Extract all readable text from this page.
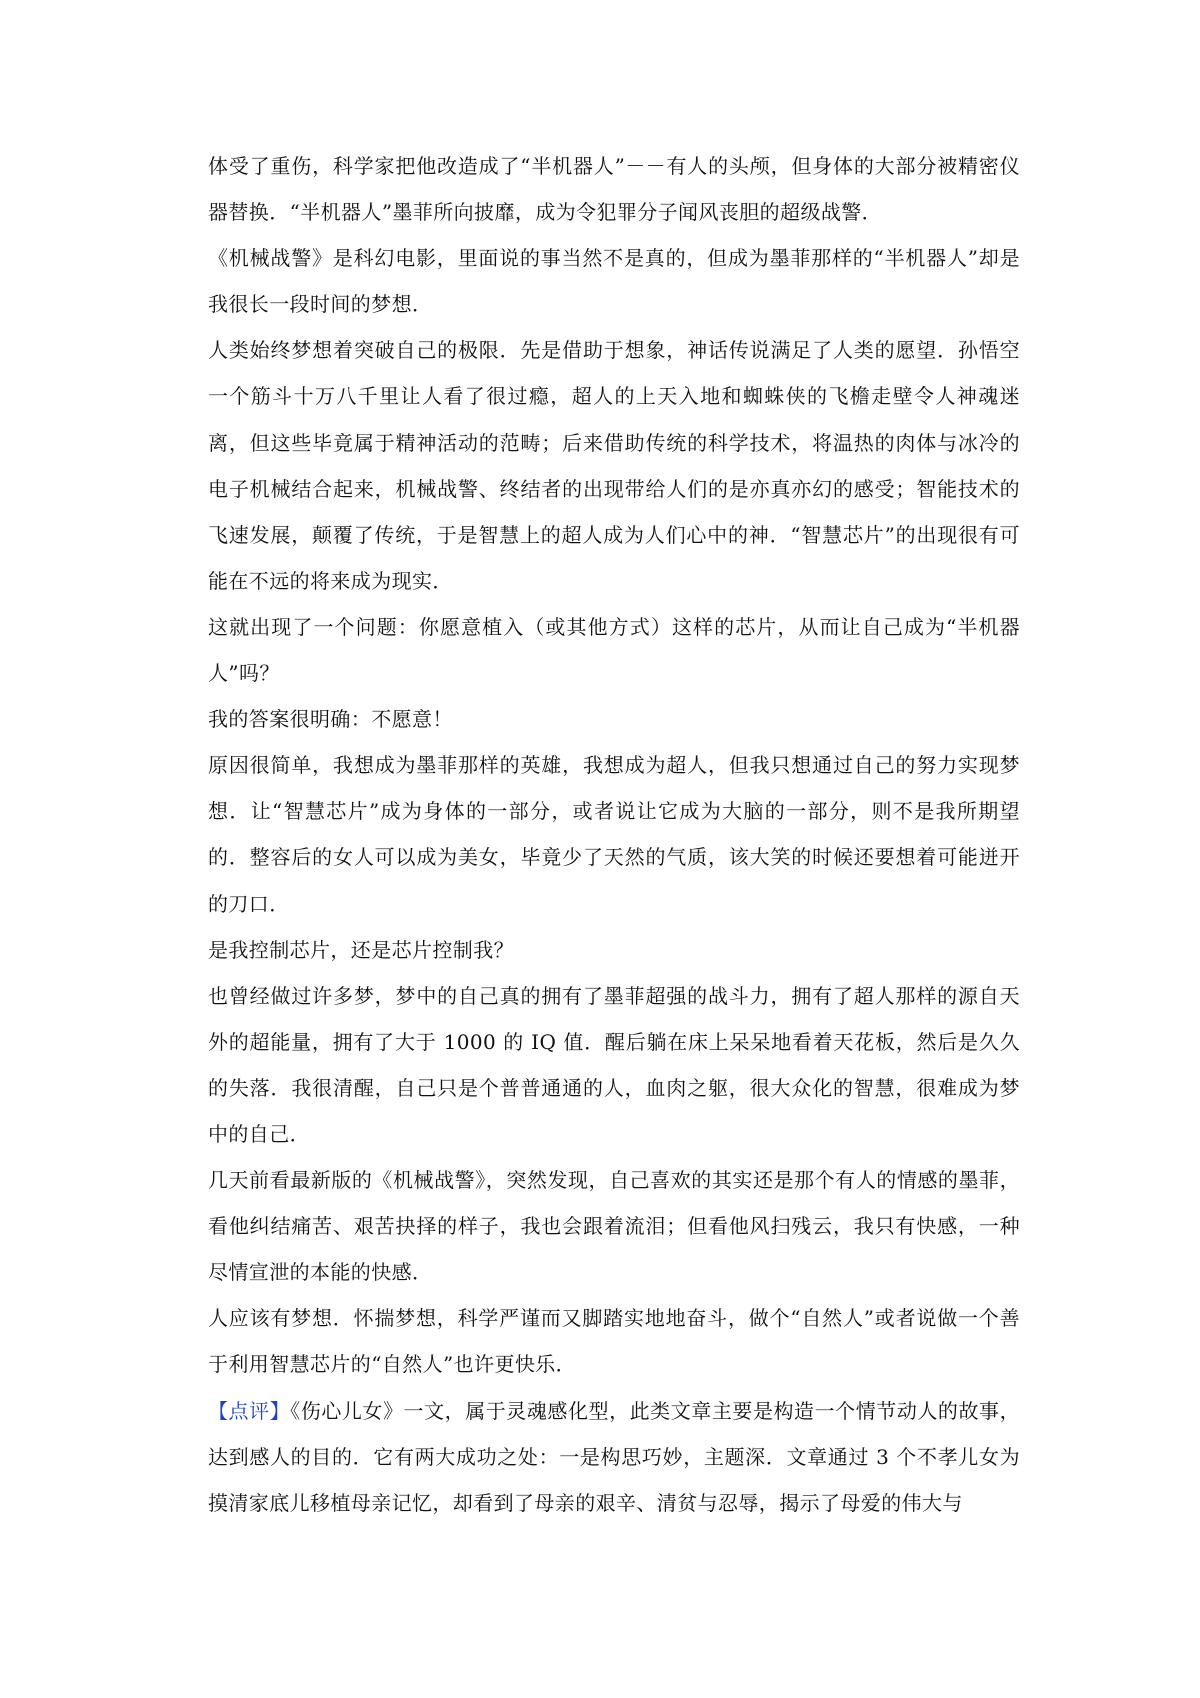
体受了重伤，科学家把他改造成了“半机器人”－－有人的头颅，但身体的大部分被精密仪器替换．“半机器人”墨菲所向披靡，成为令犯罪分子闻风丧胆的超级战警．

《机械战警》是科幻电影，里面说的事当然不是真的，但成为墨菲那样的“半机器人”却是我很长一段时间的梦想．

人类始终梦想着突破自己的极限．先是借助于想象，神话传说满足了人类的愿望．孙悟空一个筋斗十万八千里让人看了很过瘾，超人的上天入地和蜘蛛侠的飞檐走壁令人神魂迷离，但这些毕竟属于精神活动的范畴；后来借助传统的科学技术，将温热的肉体与冰冷的电子机械结合起来，机械战警、终结者的出现带给人们的是亦真亦幻的感受；智能技术的飞速发展，颠覆了传统，于是智慧上的超人成为人们心中的神．“智慧芯片”的出现很有可能在不远的将来成为现实．

这就出现了一个问题：你愿意植入（或其他方式）这样的芯片，从而让自己成为“半机器人”吗？

我的答案很明确：不愿意！

原因很简单，我想成为墨菲那样的英雄，我想成为超人，但我只想通过自己的努力实现梦想．让“智慧芯片”成为身体的一部分，或者说让它成为大脑的一部分，则不是我所期望的．整容后的女人可以成为美女，毕竟少了天然的气质，该大笑的时候还要想着可能迸开的刀口．

是我控制芯片，还是芯片控制我？

也曾经做过许多梦，梦中的自己真的拥有了墨菲超强的战斗力，拥有了超人那样的源自天外的超能量，拥有了大于 1000 的 IQ 值．醒后躺在床上呆呆地看着天花板，然后是久久的失落．我很清醒，自己只是个普普通通的人，血肉之躯，很大众化的智慧，很难成为梦中的自己．

几天前看最新版的《机械战警》，突然发现，自己喜欢的其实还是那个有人的情感的墨菲，看他纠结痛苦、艰苦抉择的样子，我也会跟着流泪；但看他风扫残云，我只有快感，一种尽情宣泄的本能的快感．

人应该有梦想．怀揣梦想，科学严谨而又脚踏实地地奋斗，做个“自然人”或者说做一个善于利用智慧芯片的“自然人”也许更快乐．

【点评】《伤心儿女》一文，属于灵魂感化型，此类文章主要是构造一个情节动人的故事，达到感人的目的．它有两大成功之处：一是构思巧妙，主题深．文章通过 3 个不孝儿女为摸清家底儿移植母亲记忆，却看到了母亲的艰辛、清贫与忍辱，揭示了母爱的伟大与
